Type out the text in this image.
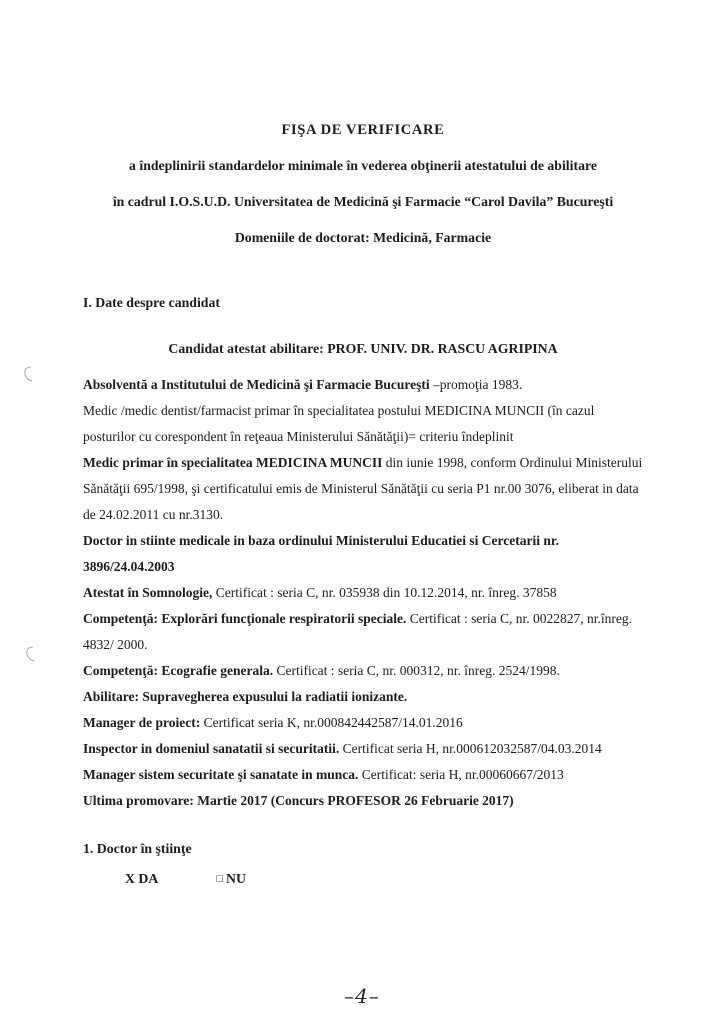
FIŞA DE VERIFICARE
a îndeplinirii standardelor minimale în vederea obţinerii atestatului de abilitare
în cadrul I.O.S.U.D. Universitatea de Medicină şi Farmacie “Carol Davila” Bucureşti
Domeniile de doctorat: Medicină, Farmacie
I. Date despre candidat
Candidat atestat abilitare: PROF. UNIV. DR. RASCU AGRIPINA

Absolventă a Institutului de Medicină şi Farmacie Bucureşti –promoţia 1983.

Medic /medic dentist/farmacist primar în specialitatea postului MEDICINA MUNCII (în cazul posturilor cu corespondent în reţeaua Ministerului Sănătăţii)= criteriu îndeplinit

Medic primar în specialitatea MEDICINA MUNCII din iunie 1998, conform Ordinului Ministerului Sănătăţii 695/1998, şi certificatului emis de Ministerul Sănătăţii cu seria P1 nr.00 3076, eliberat in data de 24.02.2011 cu nr.3130.

Doctor in stiinte medicale in baza ordinului Ministerului Educatiei si Cercetarii nr. 3896/24.04.2003

Atestat în Somnologie, Certificat : seria C, nr. 035938 din 10.12.2014, nr. înreg. 37858

Competenţă: Explorări funcţionale respiratorii speciale. Certificat : seria C, nr. 0022827, nr.înreg. 4832/ 2000.

Competenţă: Ecografie generala. Certificat : seria C, nr. 000312, nr. înreg. 2524/1998.

Abilitare: Supravegherea expusului la radiatii ionizante.

Manager de proiect: Certificat seria K, nr.000842442587/14.01.2016

Inspector in domeniul sanatatii si securitatii. Certificat seria H, nr.000612032587/04.03.2014

Manager sistem securitate şi sanatate in munca. Certificat: seria H, nr.00060667/2013

Ultima promovare: Martie 2017 (Concurs PROFESOR 26 Februarie 2017)

1. Doctor în ştiinţe
X DA	□ NU
–4–
